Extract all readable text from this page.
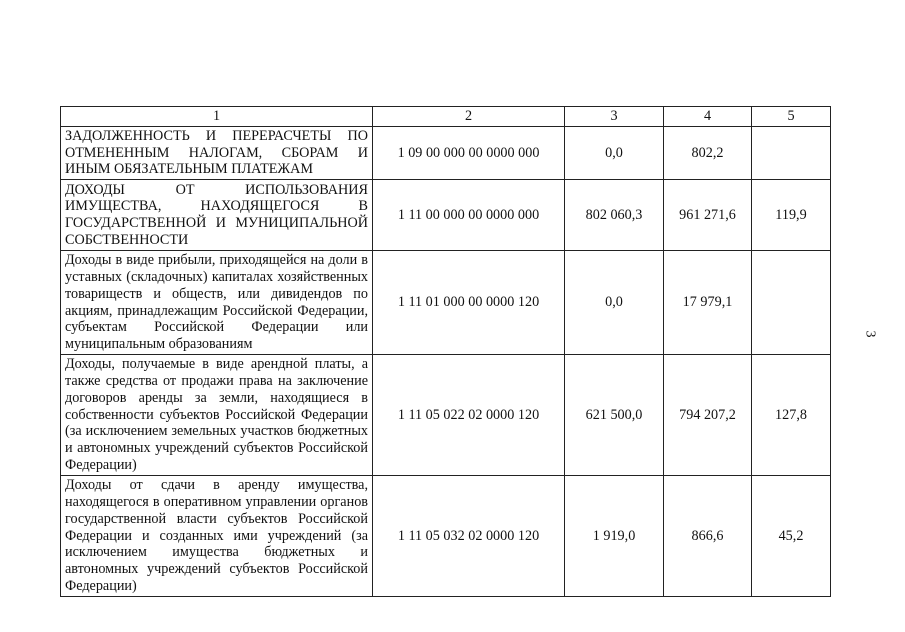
1	2	3	4	5
ЗАДОЛЖЕННОСТЬ И ПЕРЕРАСЧЕТЫ ПО ОТМЕНЕННЫМ НАЛОГАМ, СБОРАМ И ИНЫМ ОБЯЗАТЕЛЬНЫМ ПЛАТЕЖАМ	1 09 00 000 00 0000 000	0,0	802,2	
ДОХОДЫ ОТ ИСПОЛЬЗОВАНИЯ ИМУЩЕСТВА, НАХОДЯЩЕГОСЯ В ГОСУДАРСТВЕННОЙ И МУНИЦИПАЛЬНОЙ СОБСТВЕННОСТИ	1 11 00 000 00 0000 000	802 060,3	961 271,6	119,9
Доходы в виде прибыли, приходящейся на доли в уставных (складочных) капиталах хозяйственных товариществ и обществ, или дивидендов по акциям, принадлежащим Российской Федерации, субъектам Российской Федерации или муниципальным образованиям	1 11 01 000 00 0000 120	0,0	17 979,1	
Доходы, получаемые в виде арендной платы, а также средства от продажи права на заключение договоров аренды за земли, находящиеся в собственности субъектов Российской Федерации (за исключением земельных участков бюджетных и автономных учреждений субъектов Российской Федерации)	1 11 05 022 02 0000 120	621 500,0	794 207,2	127,8
Доходы от сдачи в аренду имущества, находящегося в оперативном управлении органов государственной власти субъектов Российской Федерации и созданных ими учреждений (за исключением имущества бюджетных и автономных учреждений субъектов Российской Федерации)	1 11 05 032 02 0000 120	1 919,0	866,6	45,2
3
